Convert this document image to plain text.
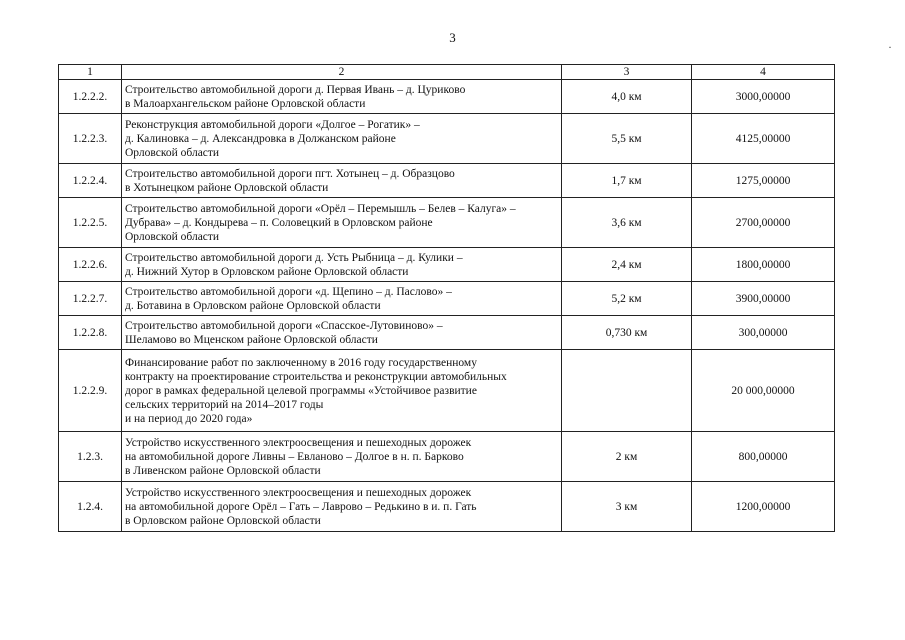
3
·
1	2	3	4
1.2.2.2.	Строительство автомобильной дороги д. Первая Ивань – д. Цуриково
в Малоархангельском районе Орловской области	4,0 км	3000,00000
1.2.2.3.	Реконструкция автомобильной дороги «Долгое – Рогатик» –
д. Калиновка – д. Александровка в Должанском районе
Орловской области	5,5 км	4125,00000
1.2.2.4.	Строительство автомобильной дороги пгт. Хотынец – д. Образцово
в Хотынецком районе Орловской области	1,7 км	1275,00000
1.2.2.5.	Строительство автомобильной дороги «Орёл – Перемышль – Белев – Калуга» –
Дубрава» – д. Кондырева – п. Соловецкий в Орловском районе
Орловской области	3,6 км	2700,00000
1.2.2.6.	Строительство автомобильной дороги д. Усть Рыбница – д. Кулики –
д. Нижний Хутор в Орловском районе Орловской области	2,4 км	1800,00000
1.2.2.7.	Строительство автомобильной дороги «д. Щепино – д. Паслово» –
д. Ботавина в Орловском районе Орловской области	5,2 км	3900,00000
1.2.2.8.	Строительство автомобильной дороги «Спасское-Лутовиново» –
Шеламово во Мценском районе Орловской области	0,730 км	300,00000
1.2.2.9.	Финансирование работ по заключенному в 2016 году государственному
контракту на проектирование строительства и реконструкции автомобильных
дорог в рамках федеральной целевой программы «Устойчивое развитие
сельских территорий на 2014–2017 годы
и на период до 2020 года»		20 000,00000
1.2.3.	Устройство искусственного электроосвещения и пешеходных дорожек
на автомобильной дороге Ливны – Евланово – Долгое в н. п. Барково
в Ливенском районе Орловской области	2 км	800,00000
1.2.4.	Устройство искусственного электроосвещения и пешеходных дорожек
на автомобильной дороге Орёл – Гать – Лаврово – Редькино в и. п. Гать
в Орловском районе Орловской области	3 км	1200,00000
